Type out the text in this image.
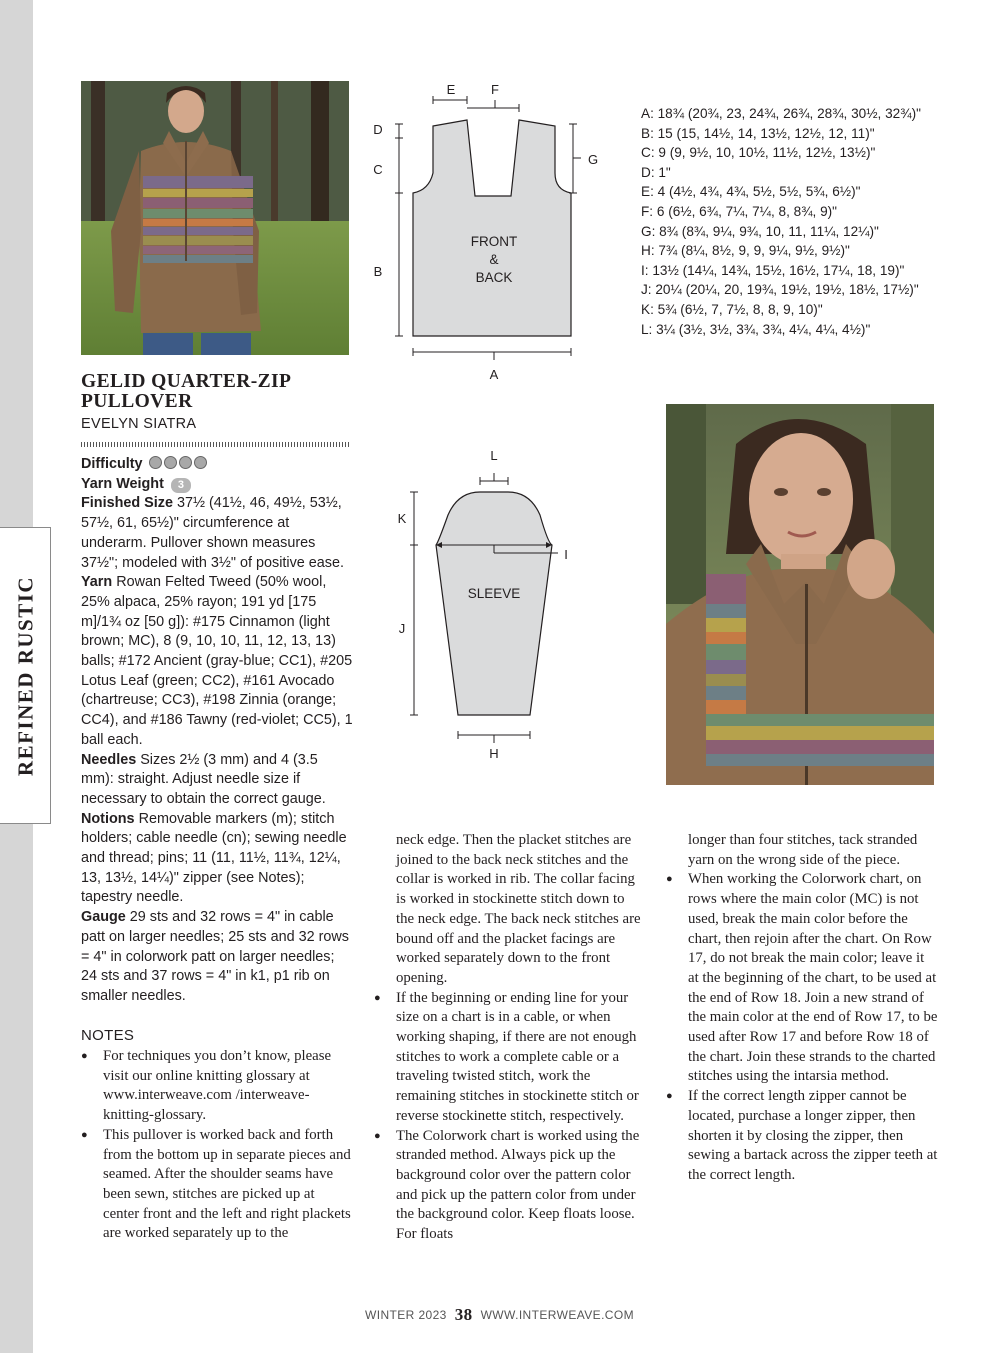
REFINED RUSTIC
GELID QUARTER-ZIP PULLOVER
EVELYN SIATRA
Difficulty
Yarn Weight 3
Finished Size 37½ (41½, 46, 49½, 53½, 57½, 61, 65½)" circumference at underarm. Pullover shown measures 37½"; modeled with 3½" of positive ease.
Yarn Rowan Felted Tweed (50% wool, 25% alpaca, 25% rayon; 191 yd [175 m]/1¾ oz [50 g]): #175 Cinnamon (light brown; MC), 8 (9, 10, 10, 11, 12, 13, 13) balls; #172 Ancient (gray-blue; CC1), #205 Lotus Leaf (green; CC2), #161 Avocado (chartreuse; CC3), #198 Zinnia (orange; CC4), and #186 Tawny (red-violet; CC5), 1 ball each.
Needles Sizes 2½ (3 mm) and 4 (3.5 mm): straight. Adjust needle size if necessary to obtain the correct gauge.
Notions Removable markers (m); stitch holders; cable needle (cn); sewing needle and thread; pins; 11 (11, 11½, 11¾, 12¼, 13, 13½, 14¼)" zipper (see Notes); tapestry needle.
Gauge 29 sts and 32 rows = 4" in cable patt on larger needles; 25 sts and 32 rows = 4" in colorwork patt on larger needles; 24 sts and 37 rows = 4" in k1, p1 rib on smaller needles.
NOTES

● For techniques you don’t know, please visit our online knitting glossary at www.interweave.com /interweave-knitting-glossary.

● This pullover is worked back and forth from the bottom up in separate pieces and seamed. After the shoulder seams have been sewn, stitches are picked up at center front and the left and right plackets are worked separately up to the

neck edge. Then the placket stitches are joined to the back neck stitches and the collar is worked in rib. The collar facing is worked in stockinette stitch down to the neck edge. The back neck stitches are bound off and the placket facings are worked separately down to the front opening.

● If the beginning or ending line for your size on a chart is in a cable, or when working shaping, if there are not enough stitches to work a complete cable or a traveling twisted stitch, work the remaining stitches in stockinette stitch or reverse stockinette stitch, respectively.

● The Colorwork chart is worked using the stranded method. Always pick up the background color over the pattern color and pick up the pattern color from under the background color. Keep floats loose. For floats

longer than four stitches, tack stranded yarn on the wrong side of the piece.

● When working the Colorwork chart, on rows where the main color (MC) is not used, break the main color before the chart, then rejoin after the chart. On Row 17, do not break the main color; leave it at the beginning of the chart, to be used at the end of Row 18. Join a new strand of the main color at the end of Row 17, to be used after Row 17 and before Row 18 of the chart. Join these strands to the charted stitches using the intarsia method.

● If the correct length zipper cannot be located, purchase a longer zipper, then shorten it by closing the zipper, then sewing a bartack across the zipper teeth at the correct length.

E	F
D
C
B
G
A
FRONT
&
BACK
L
K
J
I
H
SLEEVE
A: 18¾ (20¾, 23, 24¾, 26¾, 28¾, 30½, 32¾)"
B: 15 (15, 14½, 14, 13½, 12½, 12, 11)"
C: 9 (9, 9½, 10, 10½, 11½, 12½, 13½)"
D: 1"
E: 4 (4½, 4¾, 4¾, 5½, 5½, 5¾, 6½)"
F: 6 (6½, 6¾, 7¼, 7¼, 8, 8¾, 9)"
G: 8¾ (8¾, 9¼, 9¾, 10, 11, 11¼, 12¼)"
H: 7¾ (8¼, 8½, 9, 9, 9¼, 9½, 9½)"
I: 13½ (14¼, 14¾, 15½, 16½, 17¼, 18, 19)"
J: 20¼ (20¼, 20, 19¾, 19½, 19½, 18½, 17½)"
K: 5¾ (6½, 7, 7½, 8, 8, 9, 10)"
L: 3¼ (3½, 3½, 3¾, 3¾, 4¼, 4¼, 4½)"
WINTER 2023 38 WWW.INTERWEAVE.COM
